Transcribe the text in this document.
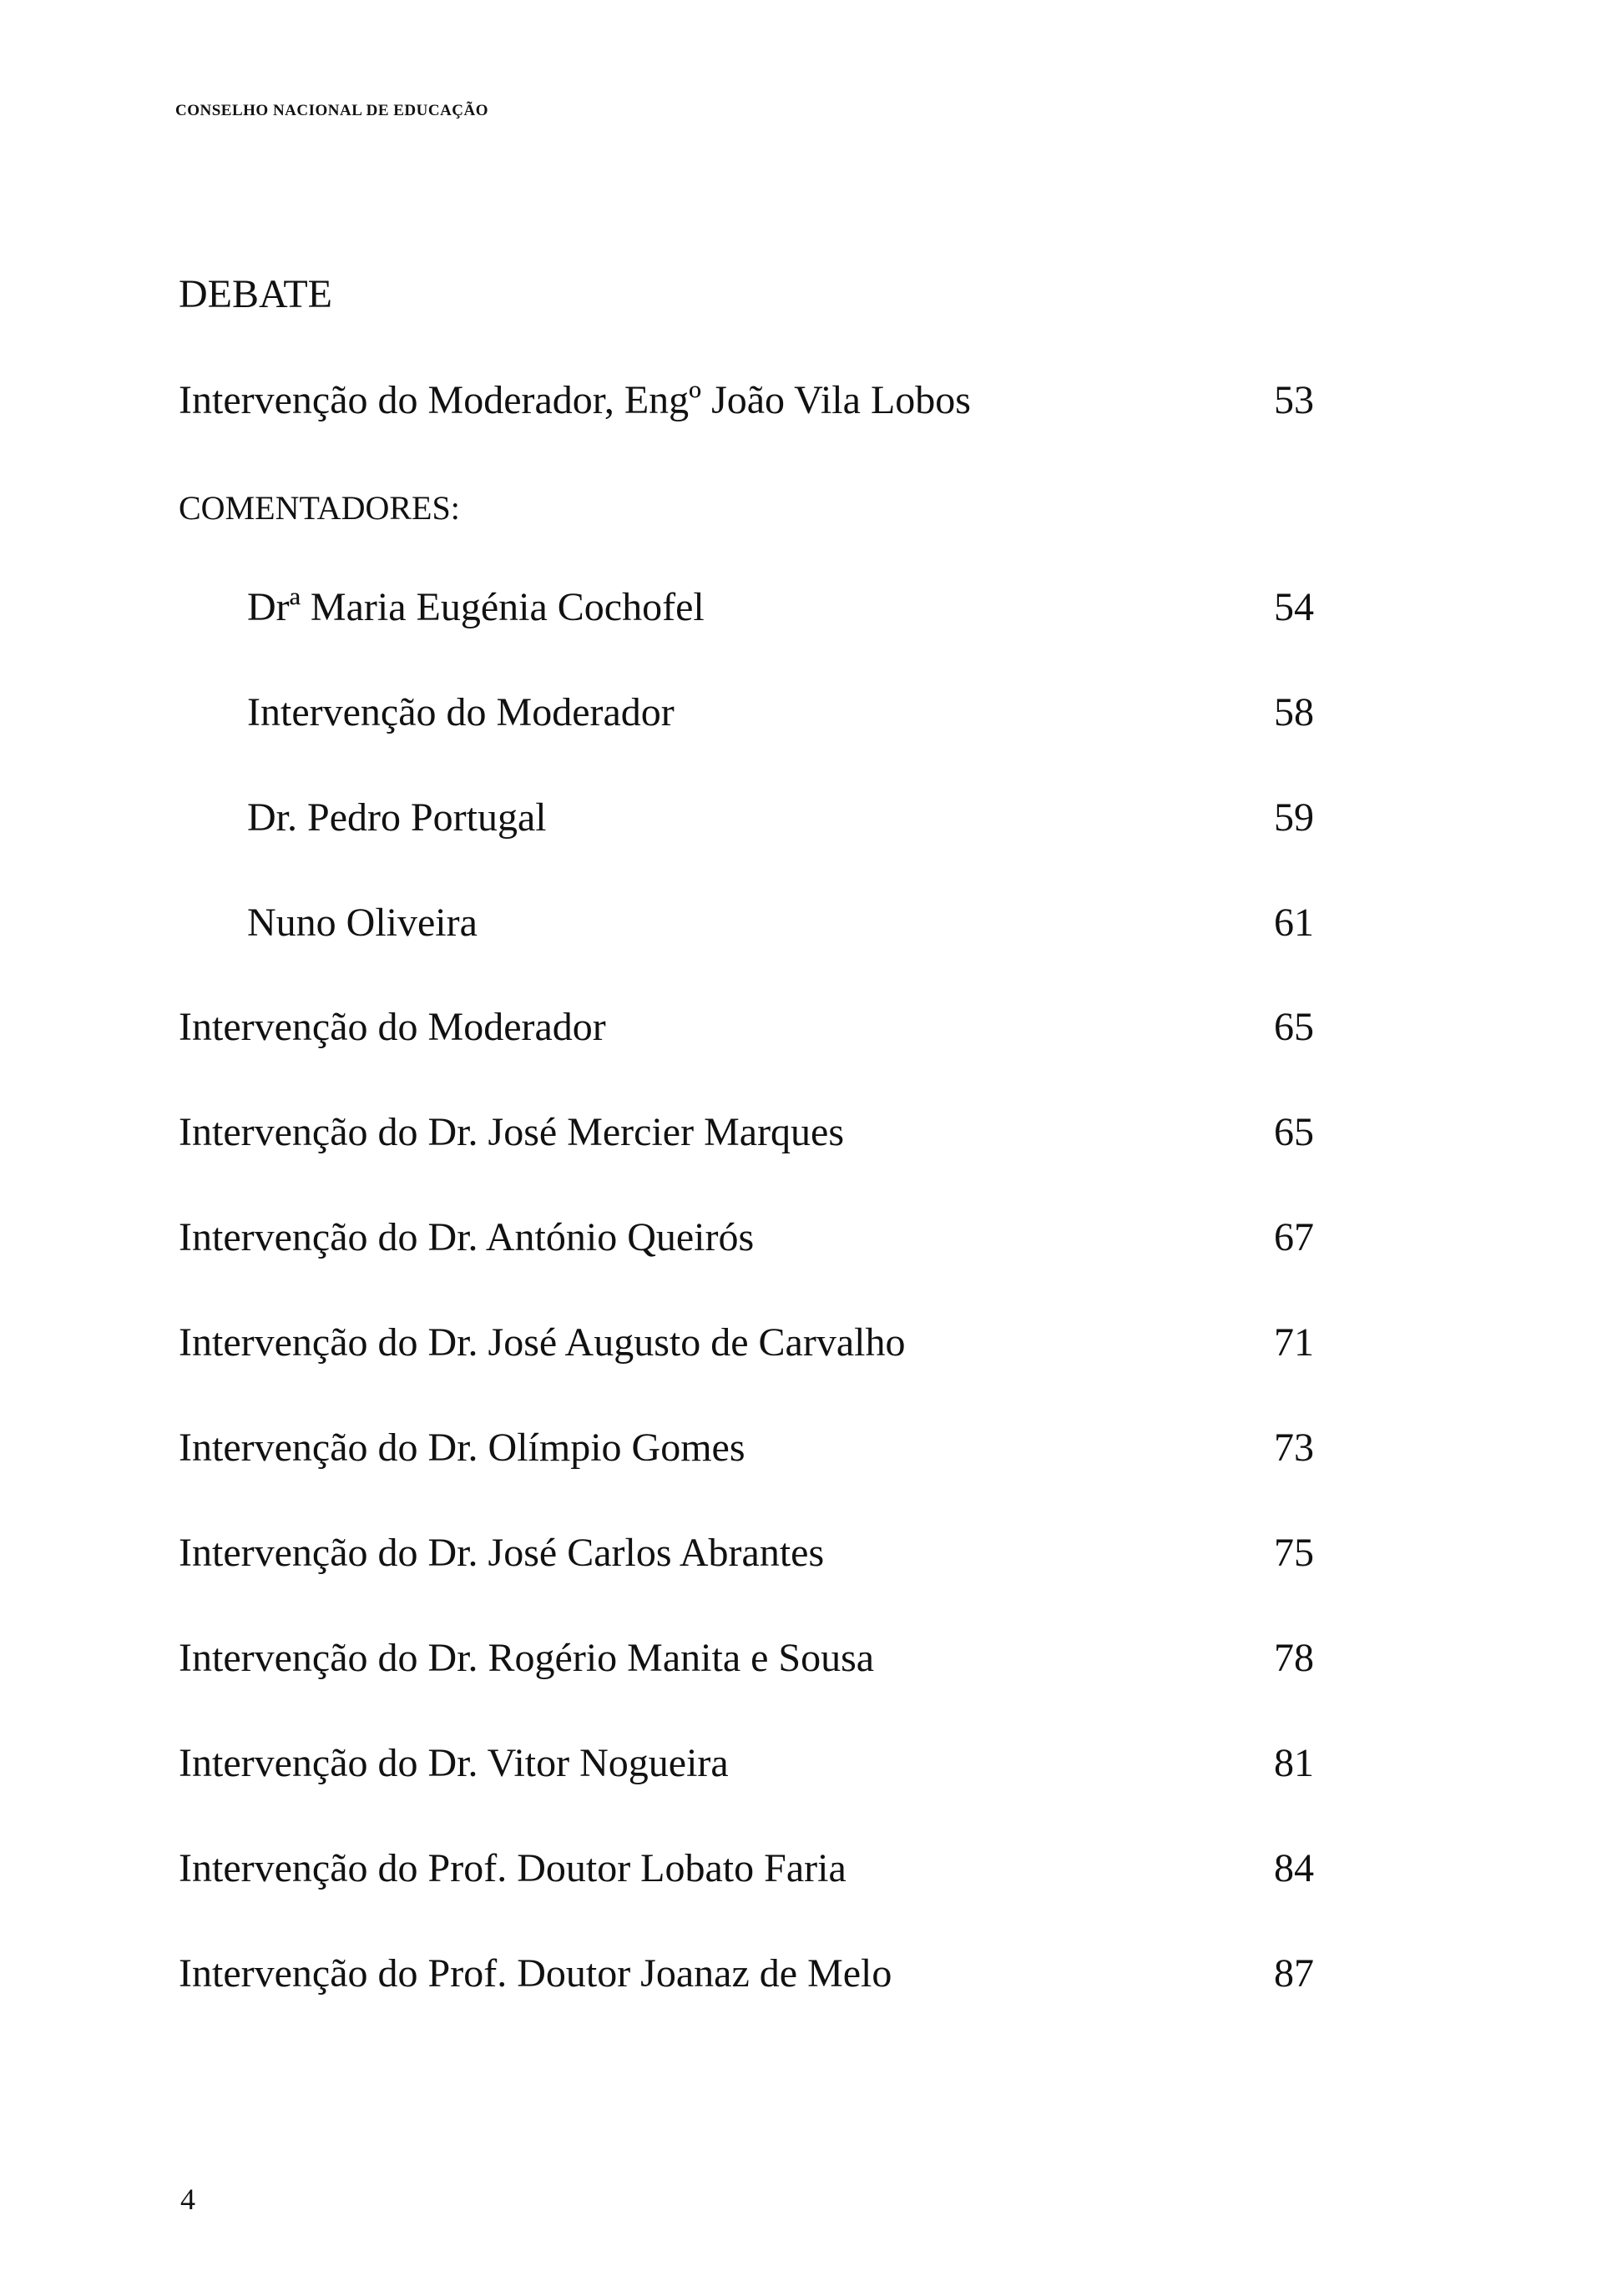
CONSELHO NACIONAL DE EDUCAÇÃO
DEBATE
Intervenção do Moderador, Engº João Vila Lobos	53
COMENTADORES:
Drª Maria Eugénia Cochofel	54
Intervenção do Moderador	58
Dr. Pedro Portugal	59
Nuno Oliveira	61
Intervenção do Moderador	65
Intervenção do Dr. José Mercier Marques	65
Intervenção do Dr. António Queirós	67
Intervenção do Dr. José Augusto de Carvalho	71
Intervenção do Dr. Olímpio Gomes	73
Intervenção do Dr. José Carlos Abrantes	75
Intervenção do Dr. Rogério Manita e Sousa	78
Intervenção do Dr. Vitor Nogueira	81
Intervenção do Prof. Doutor Lobato Faria	84
Intervenção do Prof. Doutor Joanaz de Melo	87
4
